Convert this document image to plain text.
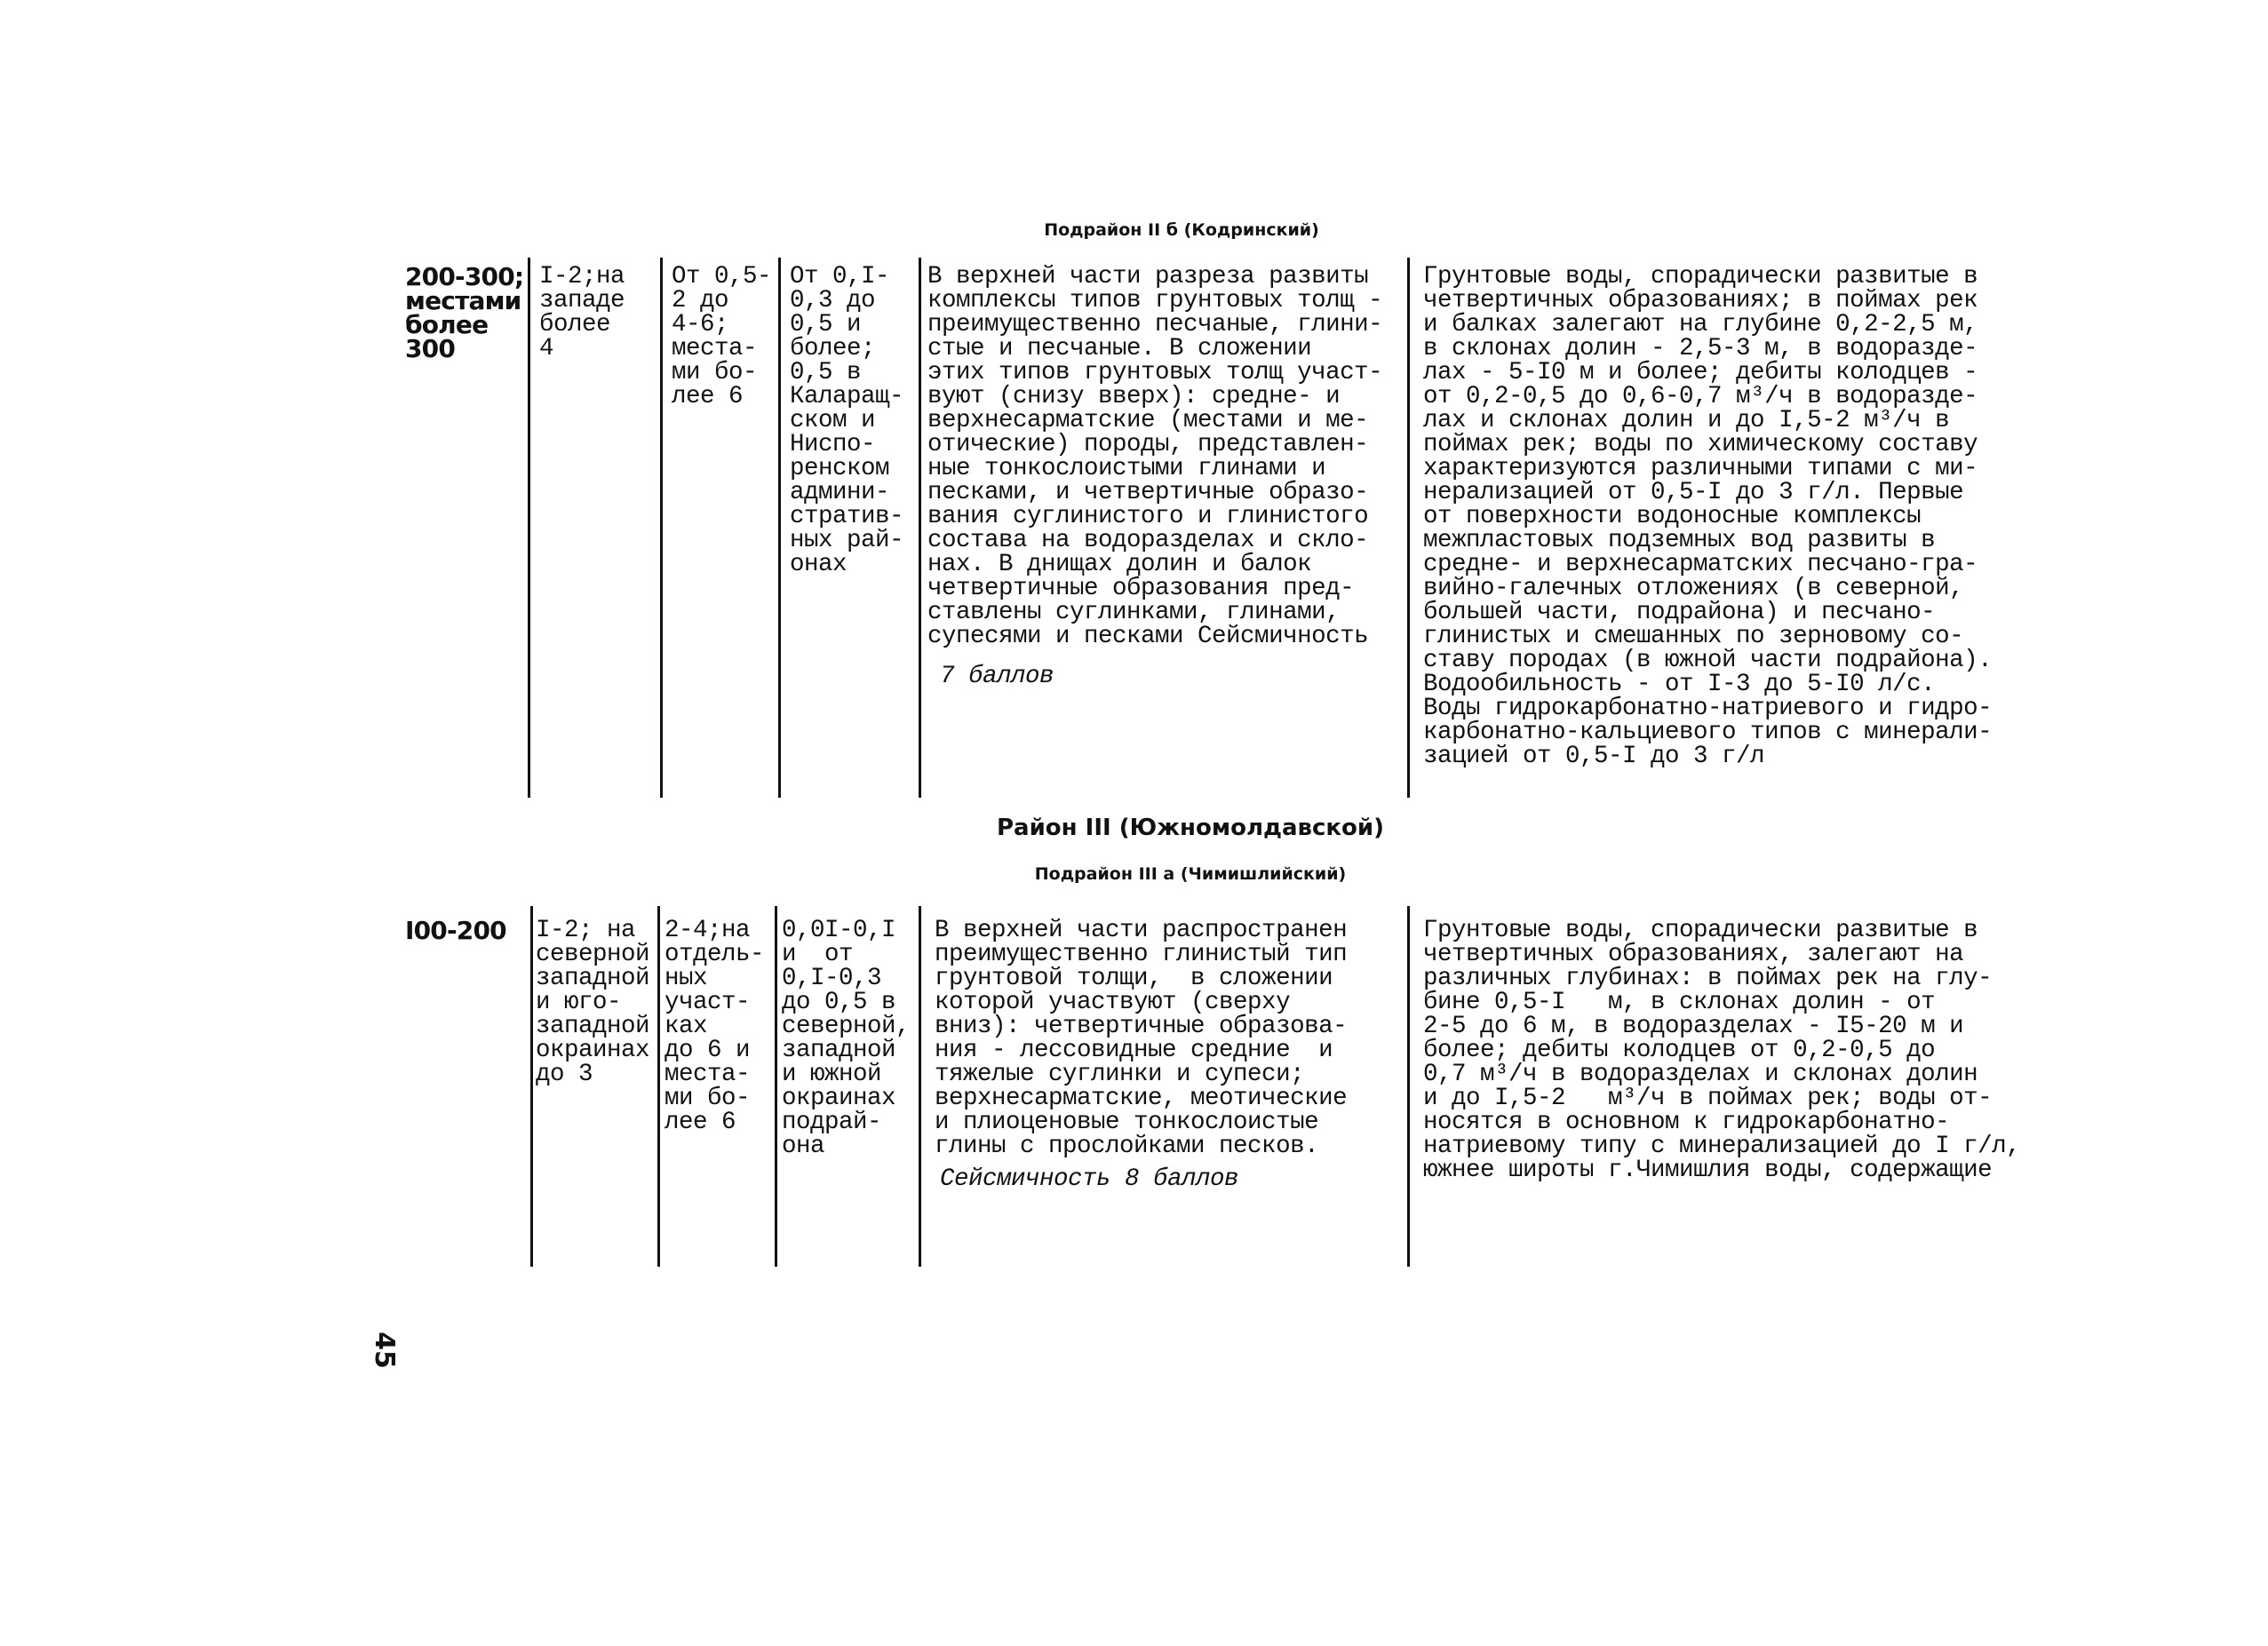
Подрайон II б (Кодринский)
200-300;
местами
более
300
I-2;на
западе
более
4
От 0,5-
2 до
4-6;
места-
ми бо-
лее 6
От 0,I-
0,3 до
0,5 и
более;
0,5 в
Каларащ-
ском и
Ниспо-
ренском
админи-
стратив-
ных рай-
онах
В верхней части разреза развиты
комплексы типов грунтовых толщ -
преимущественно песчаные, глини-
стые и песчаные. В сложении
этих типов грунтовых толщ участ-
вуют (снизу вверх): средне- и
верхнесарматские (местами и ме-
отические) породы, представлен-
ные тонкослоистыми глинами и
песками, и четвертичные образо-
вания суглинистого и глинистого
состава на водоразделах и скло-
нах. В днищах долин и балок
четвертичные образования пред-
ставлены суглинками, глинами,
супесями и песками Сейсмичность
7 баллов
Грунтовые воды, спорадически развитые в
четвертичных образованиях; в поймах рек
и балках залегают на глубине 0,2-2,5 м,
в склонах долин - 2,5-3 м, в водоразде-
лах - 5-I0 м и более; дебиты колодцев -
от 0,2-0,5 до 0,6-0,7 м³/ч в водоразде-
лах и склонах долин и до I,5-2 м³/ч в
поймах рек; воды по химическому составу
характеризуются различными типами с ми-
нерализацией от 0,5-I до 3 г/л. Первые
от поверхности водоносные комплексы
межпластовых подземных вод развиты в
средне- и верхнесарматских песчано-гра-
вийно-галечных отложениях (в северной,
большей части, подрайона) и песчано-
глинистых и смешанных по зерновому со-
ставу породах (в южной части подрайона).
Водообильность - от I-3 до 5-I0 л/с.
Воды гидрокарбонатно-натриевого и гидро-
карбонатно-кальциевого типов с минерали-
зацией от 0,5-I до 3 г/л
Район III (Южномолдавской)
Подрайон III а (Чимишлийский)
I00-200 I-2; на
северной
западной
и юго-
западной
окраинах
до 3
2-4;на
отдель-
ных
участ-
ках
до 6 и
места-
ми бо-
лее 6
0,0I-0,I
и  от
0,I-0,3
до 0,5 в
северной,
западной
и южной
окраинах
подрай-
она
В верхней части распространен
преимущественно глинистый тип
грунтовой толщи,  в сложении
которой участвуют (сверху
вниз): четвертичные образова-
ния - лессовидные средние  и
тяжелые суглинки и супеси;
верхнесарматские, меотические
и плиоценовые тонкослоистые
глины с прослойками песков.
Сейсмичность 8 баллов
Грунтовые воды, спорадически развитые в
четвертичных образованиях, залегают на
различных глубинах: в поймах рек на глу-
бине 0,5-I   м, в склонах долин - от
2-5 до 6 м, в водоразделах - I5-20 м и
более; дебиты колодцев от 0,2-0,5 до
0,7 м³/ч в водоразделах и склонах долин
и до I,5-2   м³/ч в поймах рек; воды от-
носятся в основном к гидрокарбонатно-
натриевому типу с минерализацией до I г/л,
южнее широты г.Чимишлия воды, содержащие
45
